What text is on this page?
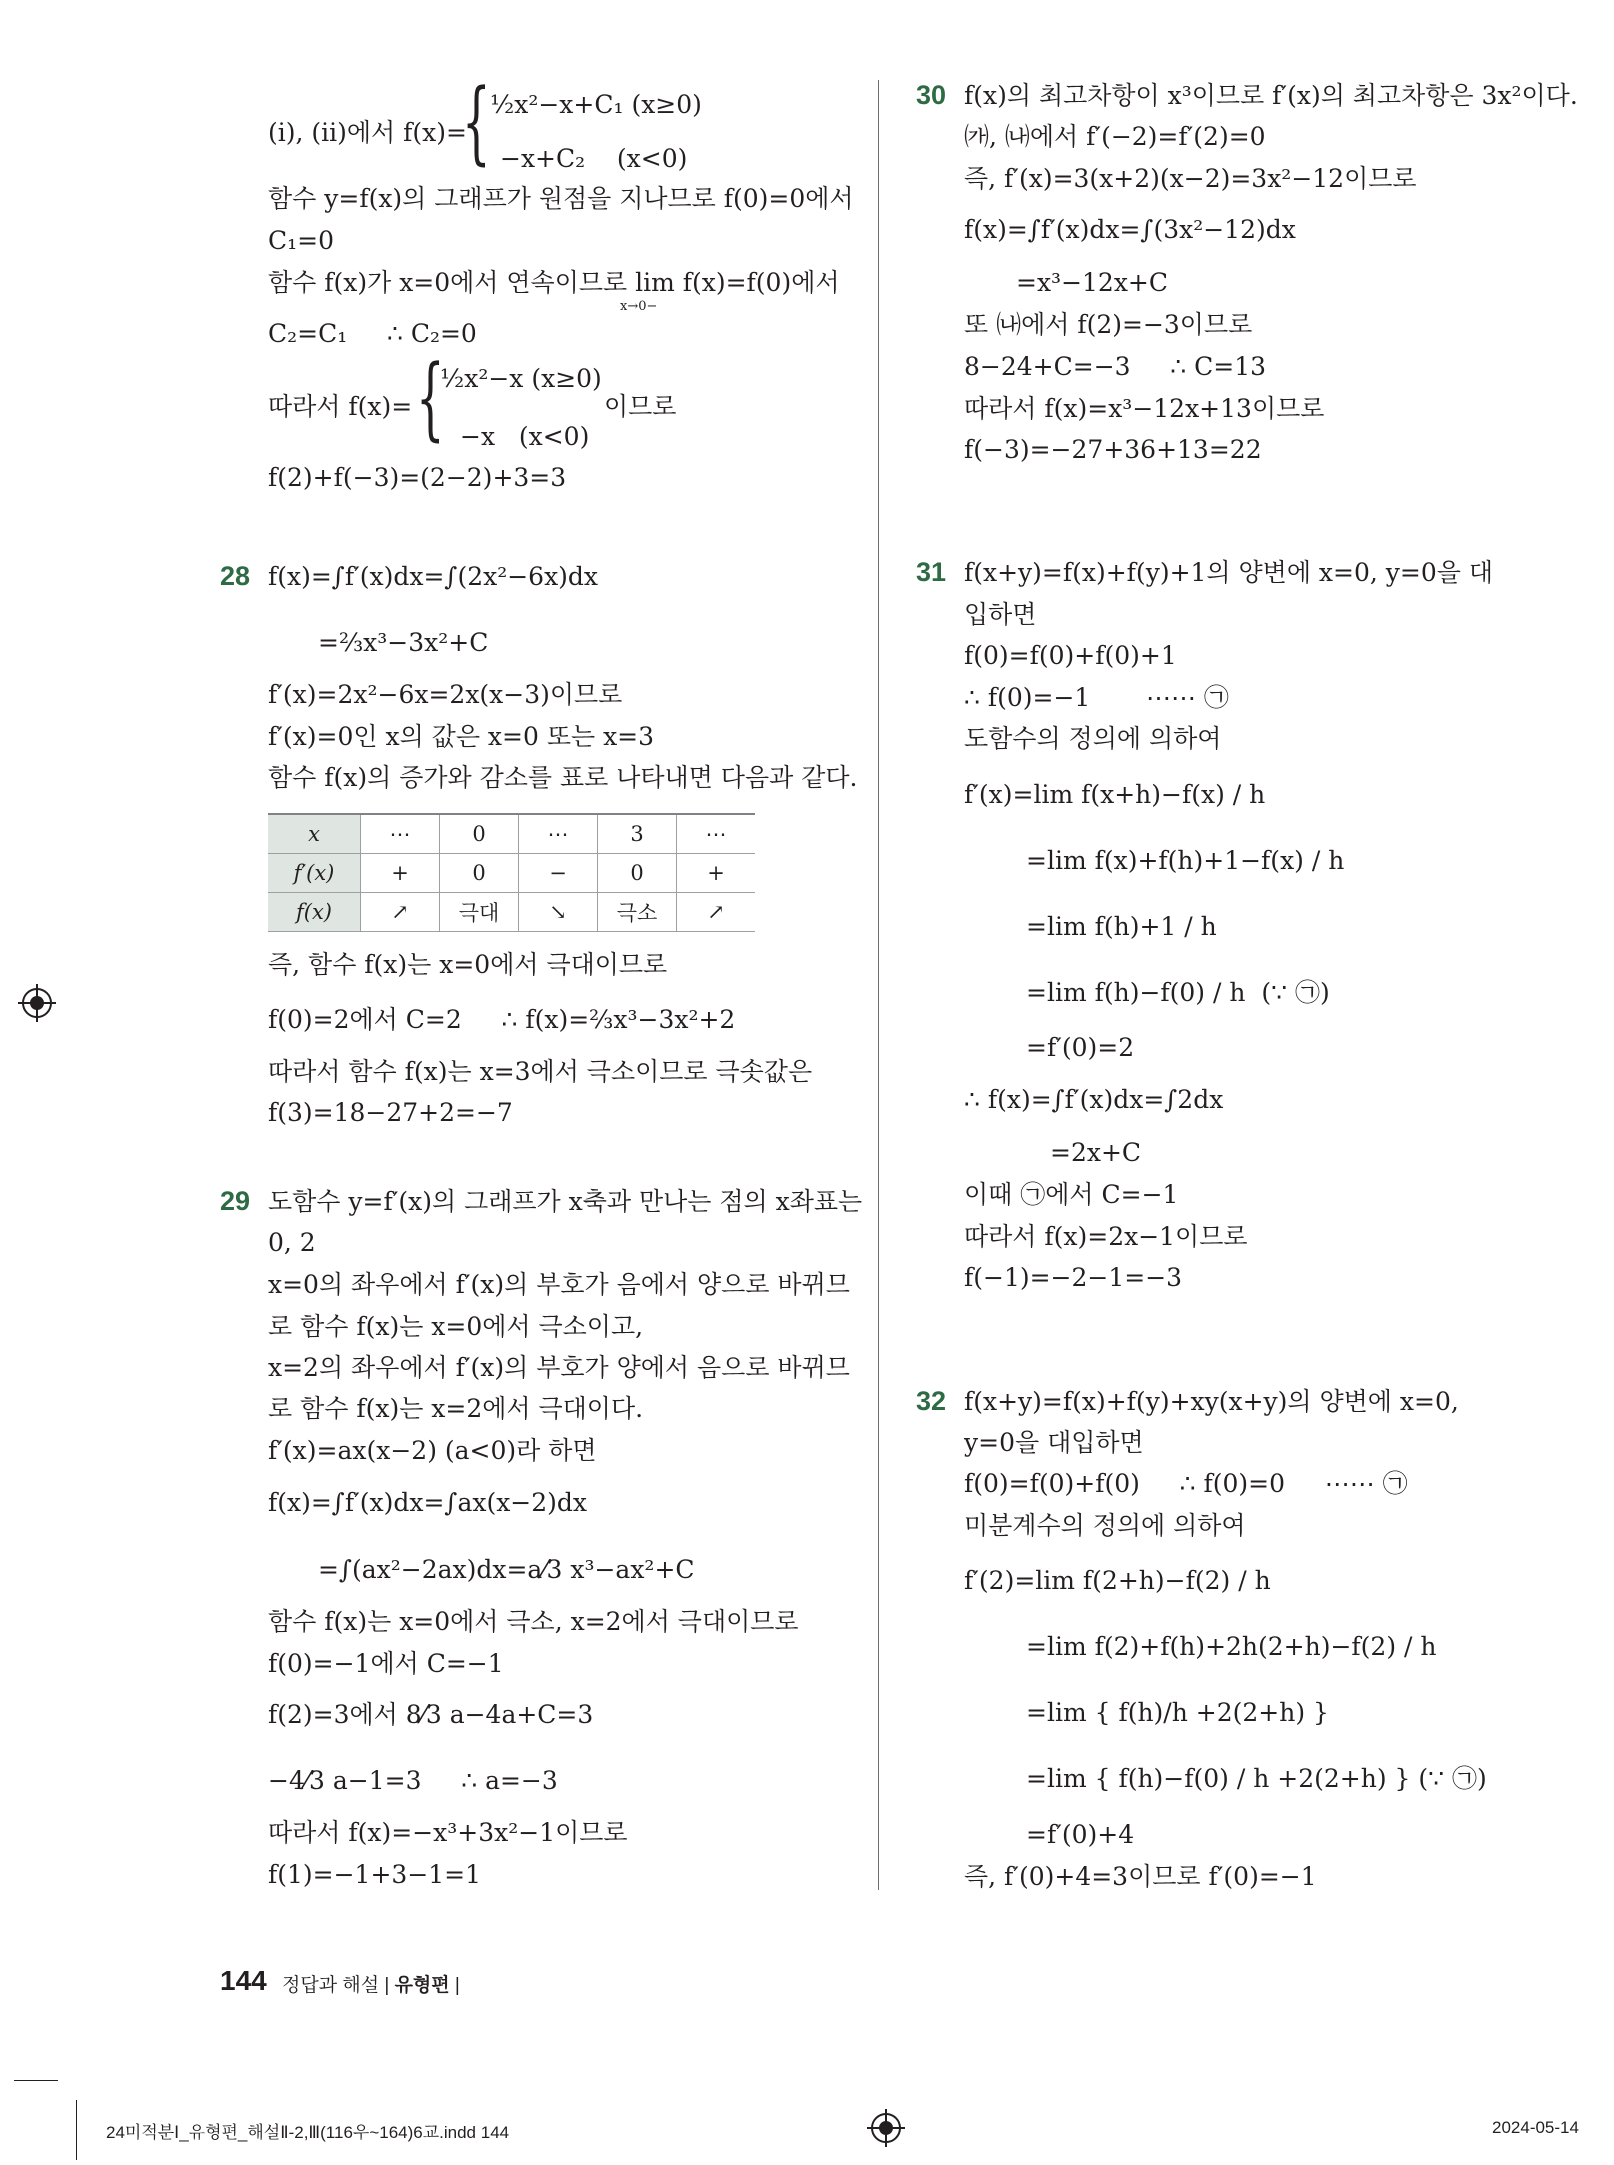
(ⅰ), (ⅱ)에서 f(x)=
{ ½x²−x+C₁ (x≥0)
−x+C₂    (x<0)
함수 y=f(x)의 그래프가 원점을 지나므로 f(0)=0에서
C₁=0
함수 f(x)가 x=0에서 연속이므로 lim f(x)=f(0)에서
x→0−
C₂=C₁     ∴ C₂=0
따라서 f(x)= {
½x²−x (x≥0)
−x   (x<0)
이므로
f(2)+f(−3)=(2−2)+3=3
28 f(x)=∫f′(x)dx=∫(2x²−6x)dx
=⅔x³−3x²+C
f′(x)=2x²−6x=2x(x−3)이므로
f′(x)=0인 x의 값은 x=0 또는 x=3
함수 f(x)의 증가와 감소를 표로 나타내면 다음과 같다.
x	⋯	0	⋯	3	⋯
f′(x)	+	0	−	0	+
f(x)	↗	극대	↘	극소	↗
즉, 함수 f(x)는 x=0에서 극대이므로
f(0)=2에서 C=2     ∴ f(x)=⅔x³−3x²+2
따라서 함수 f(x)는 x=3에서 극소이므로 극솟값은
f(3)=18−27+2=−7
29 도함수 y=f′(x)의 그래프가 x축과 만나는 점의 x좌표는
0, 2
x=0의 좌우에서 f′(x)의 부호가 음에서 양으로 바뀌므
로 함수 f(x)는 x=0에서 극소이고,
x=2의 좌우에서 f′(x)의 부호가 양에서 음으로 바뀌므
로 함수 f(x)는 x=2에서 극대이다.
f′(x)=ax(x−2) (a<0)라 하면
f(x)=∫f′(x)dx=∫ax(x−2)dx
=∫(ax²−2ax)dx=a⁄3 x³−ax²+C
함수 f(x)는 x=0에서 극소, x=2에서 극대이므로
f(0)=−1에서 C=−1
f(2)=3에서 8⁄3 a−4a+C=3
−4⁄3 a−1=3     ∴ a=−3
따라서 f(x)=−x³+3x²−1이므로
f(1)=−1+3−1=1
30 f(x)의 최고차항이 x³이므로 f′(x)의 최고차항은 3x²이다.
㈎, ㈏에서 f′(−2)=f′(2)=0
즉, f′(x)=3(x+2)(x−2)=3x²−12이므로
f(x)=∫f′(x)dx=∫(3x²−12)dx
=x³−12x+C
또 ㈏에서 f(2)=−3이므로
8−24+C=−3     ∴ C=13
따라서 f(x)=x³−12x+13이므로
f(−3)=−27+36+13=22
31 f(x+y)=f(x)+f(y)+1의 양변에 x=0, y=0을 대
입하면
f(0)=f(0)+f(0)+1
∴ f(0)=−1       ⋯⋯ ㉠
도함수의 정의에 의하여
f′(x)=lim f(x+h)−f(x) / h
=lim f(x)+f(h)+1−f(x) / h
=lim f(h)+1 / h
=lim f(h)−f(0) / h  (∵ ㉠)
=f′(0)=2
∴ f(x)=∫f′(x)dx=∫2dx
=2x+C
이때 ㉠에서 C=−1
따라서 f(x)=2x−1이므로
f(−1)=−2−1=−3
32 f(x+y)=f(x)+f(y)+xy(x+y)의 양변에 x=0,
y=0을 대입하면
f(0)=f(0)+f(0)     ∴ f(0)=0     ⋯⋯ ㉠
미분계수의 정의에 의하여
f′(2)=lim f(2+h)−f(2) / h
=lim f(2)+f(h)+2h(2+h)−f(2) / h
=lim { f(h)/h +2(2+h) }
=lim { f(h)−f(0) / h +2(2+h) } (∵ ㉠)
=f′(0)+4
즉, f′(0)+4=3이므로 f′(0)=−1
144 정답과 해설 | 유형편 |
24미적분Ⅰ_유형편_해설Ⅱ-2,Ⅲ(116우~164)6교.indd 144	2024-05-14
